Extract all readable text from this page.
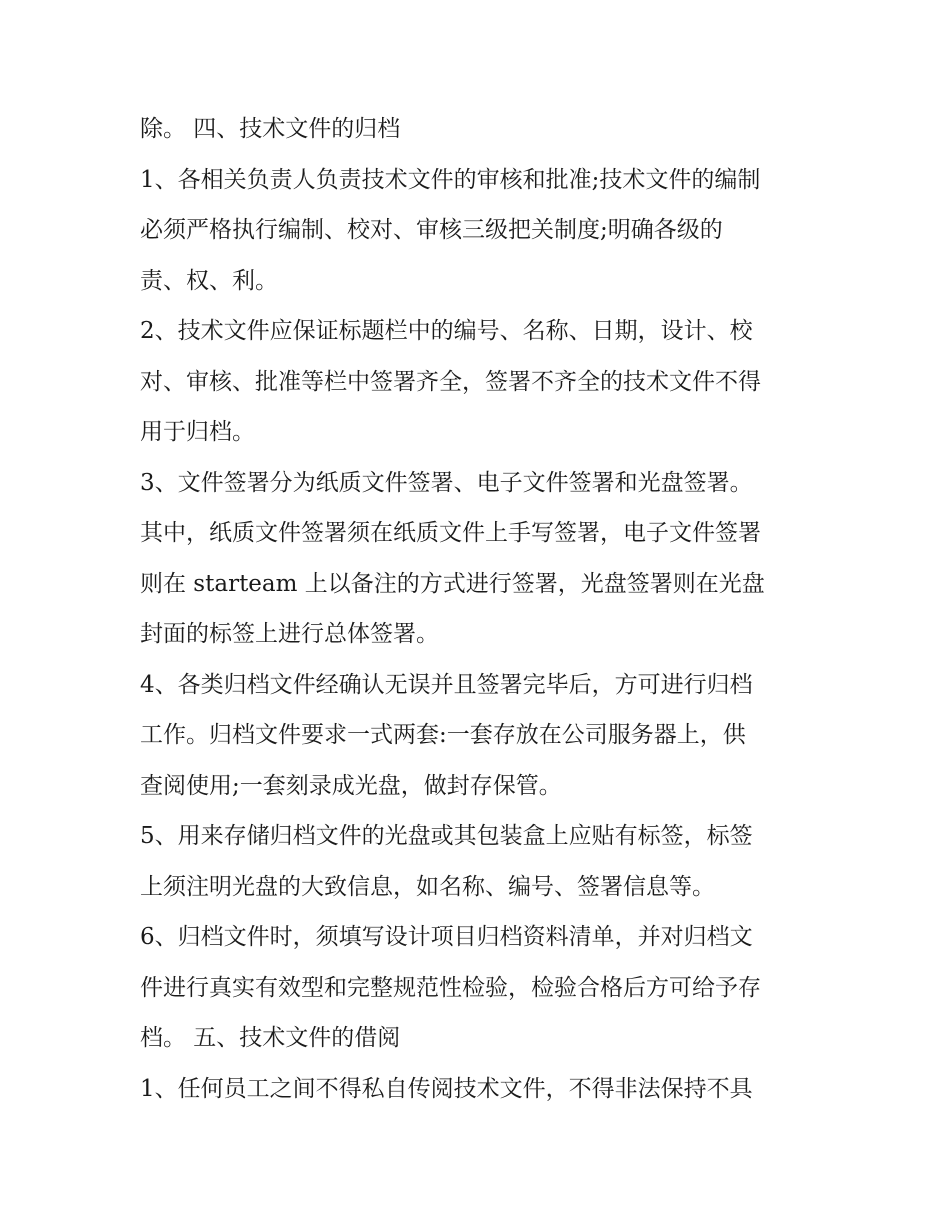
除。 四、技术文件的归档
1、各相关负责人负责技术文件的审核和批准;技术文件的编制
必须严格执行编制、校对、审核三级把关制度;明确各级的
责、权、利。
2、技术文件应保证标题栏中的编号、名称、日期，设计、校
对、审核、批准等栏中签署齐全，签署不齐全的技术文件不得
用于归档。
3、文件签署分为纸质文件签署、电子文件签署和光盘签署。
其中，纸质文件签署须在纸质文件上手写签署，电子文件签署
则在 starteam 上以备注的方式进行签署，光盘签署则在光盘
封面的标签上进行总体签署。
4、各类归档文件经确认无误并且签署完毕后，方可进行归档
工作。归档文件要求一式两套:一套存放在公司服务器上，供
查阅使用;一套刻录成光盘，做封存保管。
5、用来存储归档文件的光盘或其包装盒上应贴有标签，标签
上须注明光盘的大致信息，如名称、编号、签署信息等。
6、归档文件时，须填写设计项目归档资料清单，并对归档文
件进行真实有效型和完整规范性检验，检验合格后方可给予存
档。 五、技术文件的借阅
1、任何员工之间不得私自传阅技术文件，不得非法保持不具
